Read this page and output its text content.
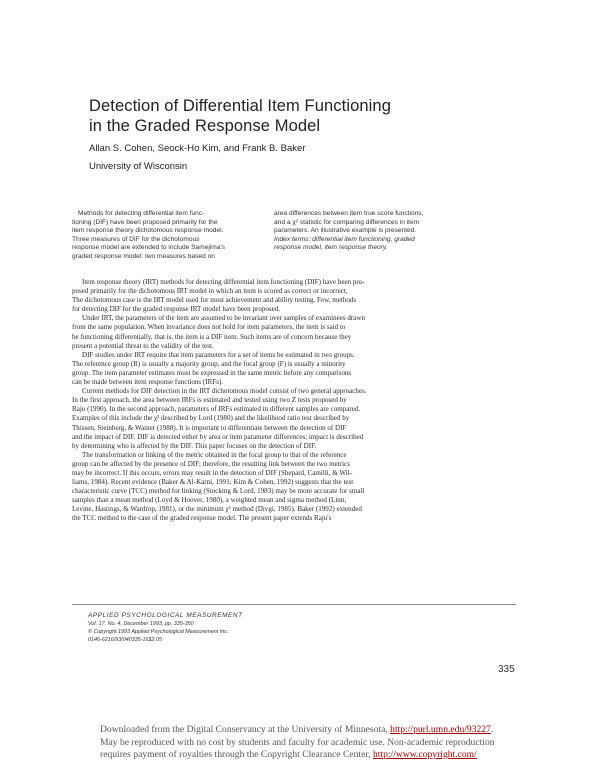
Detection of Differential Item Functioning
in the Graded Response Model
Allan S. Cohen, Seock-Ho Kim, and Frank B. Baker
University of Wisconsin
Methods for detecting differential item func-
tioning (DIF) have been proposed primarily for the
item response theory dichotomous response model.
Three measures of DIF for the dichotomous
response model are extended to include Samejima's
graded response model: two measures based on
area differences between item true score functions,
and a χ² statistic for comparing differences in item
parameters. An illustrative example is presented.
Index terms: differential item functioning, graded
response model, item response theory.
Item response theory (IRT) methods for detecting differential item functioning (DIF) have been pro-
posed primarily for the dichotomous IRT model in which an item is scored as correct or incorrect.
The dichotomous case is the IRT model used for most achievement and ability testing. Few, methods
for detecting DIF for the graded response IRT model have been proposed.
Under IRT, the parameters of the item are assumed to be invariant over samples of examinees drawn
from the same population. When invariance does not hold for item parameters, the item is said to
be functioning differentially, that is, the item is a DIF item. Such items are of concern because they
present a potential threat to the validity of the test.
DIF studies under IRT require that item parameters for a set of items be estimated in two groups.
The reference group (R) is usually a majority group, and the focal group (F) is usually a minority
group. The item parameter estimates must be expressed in the same metric before any comparisons
can be made between item response functions (IRFs).
Current methods for DIF detection in the IRT dichotomous model consist of two general approaches.
In the first approach, the area between IRFs is estimated and tested using two Z tests proposed by
Raju (1990). In the second approach, parameters of IRFs estimated in different samples are compared.
Examples of this include the χ² described by Lord (1980) and the likelihood ratio test described by
Thissen, Steinberg, & Wainer (1988). It is important to differentiate between the detection of DIF
and the impact of DIF. DIF is detected either by area or item parameter differences; impact is described
by determining who is affected by the DIF. This paper focuses on the detection of DIF.
The transformation or linking of the metric obtained in the focal group to that of the reference
group can be affected by the presence of DIF; therefore, the resulting link between the two metrics
may be incorrect. If this occurs, errors may result in the detection of DIF (Shepard, Camilli, & Wil-
liams, 1984). Recent evidence (Baker & Al-Karni, 1991; Kim & Cohen, 1992) suggests that the test
characteristic curve (TCC) method for linking (Stocking & Lord, 1983) may be more accurate for small
samples than a mean method (Loyd & Hoover, 1980), a weighted mean and sigma method (Linn,
Levine, Hastings, & Wardrop, 1981), or the minimum χ² method (Divgi, 1985). Baker (1992) extended
the TCC method to the case of the graded response model. The present paper extends Raju's
APPLIED PSYCHOLOGICAL MEASUREMENT
Vol. 17, No. 4, December 1993, pp. 335-350
© Copyright 1993 Applied Psychological Measurement Inc.
0146-6216/93/040335-16$2.05
335
Downloaded from the Digital Conservancy at the University of Minnesota, http://purl.umn.edu/93227.
May be reproduced with no cost by students and faculty for academic use. Non-academic reproduction
requires payment of royalties through the Copyright Clearance Center, http://www.copyright.com/
